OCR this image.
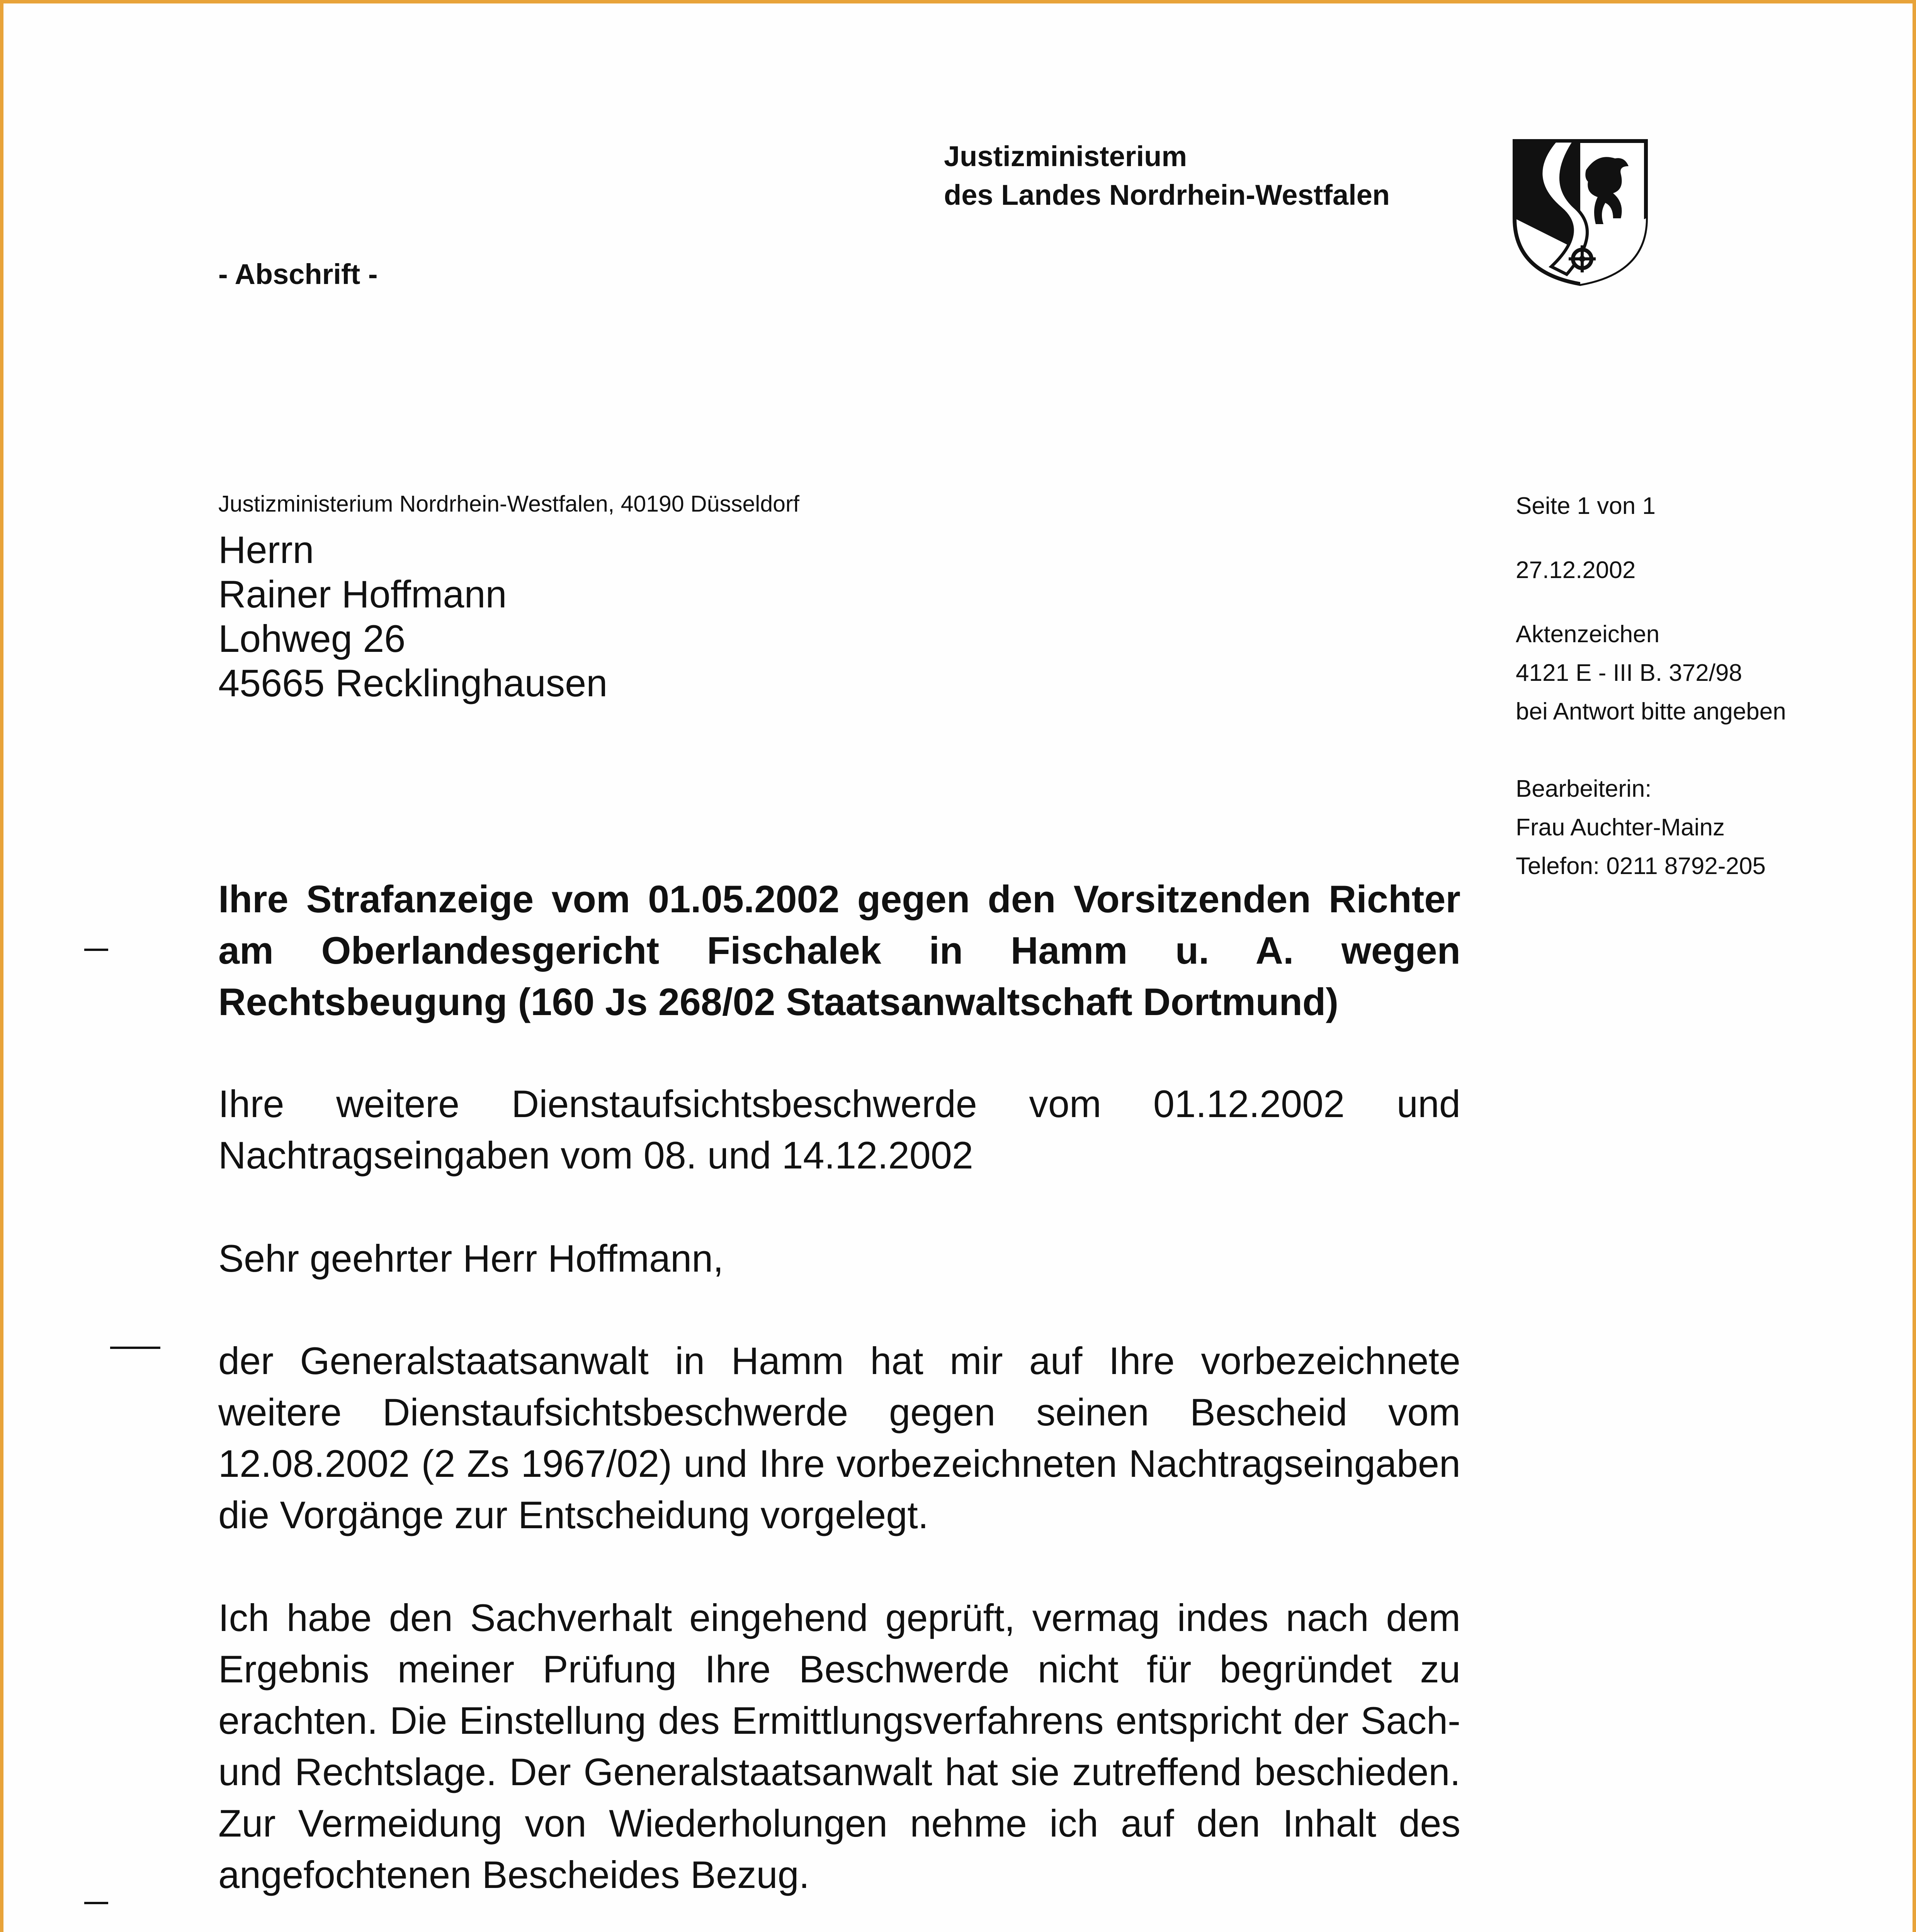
Justizministerium
des Landes Nordrhein-Westfalen
- Abschrift -
Justizministerium Nordrhein-Westfalen, 40190 Düsseldorf
Herrn
Rainer Hoffmann
Lohweg 26
45665 Recklinghausen
Seite 1 von 1
27.12.2002
Aktenzeichen
4121 E - III B. 372/98
bei Antwort bitte angeben
Bearbeiterin:
Frau Auchter-Mainz
Telefon: 0211 8792-205
Ihre Strafanzeige vom 01.05.2002 gegen den Vorsitzenden Richter am Oberlandesgericht Fischalek in Hamm u. A. wegen Rechtsbeugung (160 Js 268/02 Staatsanwaltschaft Dortmund)
Ihre weitere Dienstaufsichtsbeschwerde vom 01.12.2002 und Nachtragseingaben vom 08. und 14.12.2002
Sehr geehrter Herr Hoffmann,
der Generalstaatsanwalt in Hamm hat mir auf Ihre vorbezeichnete weitere Dienstaufsichtsbeschwerde gegen seinen Bescheid vom 12.08.2002 (2 Zs 1967/02) und Ihre vorbezeichneten Nachtragseingaben die Vorgänge zur Entscheidung vorgelegt.
Ich habe den Sachverhalt eingehend geprüft, vermag indes nach dem Ergebnis meiner Prüfung Ihre Beschwerde nicht für begründet zu erachten. Die Einstellung des Ermittlungsverfahrens entspricht der Sach- und Rechtslage. Der Generalstaatsanwalt hat sie zutreffend beschieden. Zur Vermeidung von Wiederholungen nehme ich auf den Inhalt des angefochtenen Bescheides Bezug.
